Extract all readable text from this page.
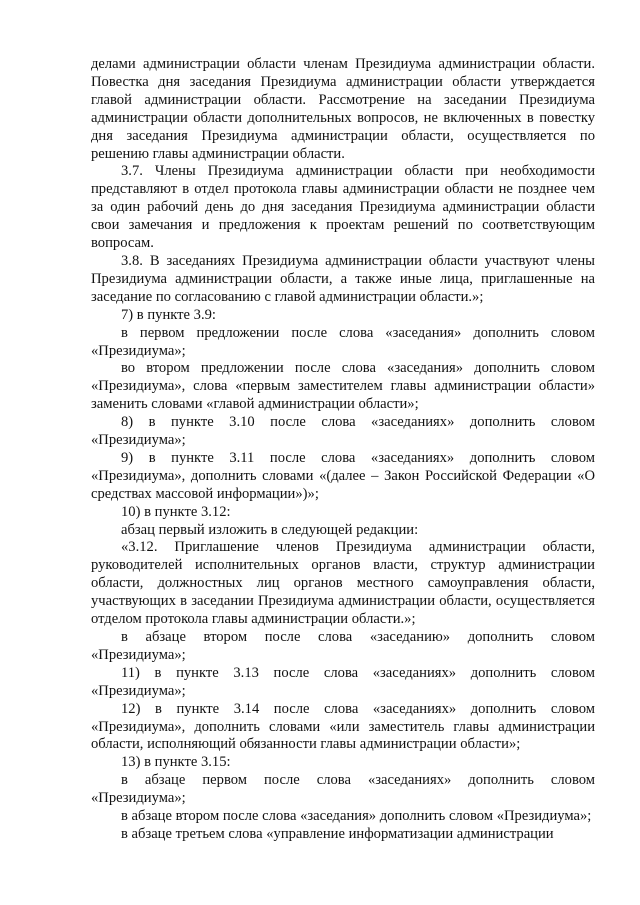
делами администрации области членам Президиума администрации области. Повестка дня заседания Президиума администрации области утверждается главой администрации области. Рассмотрение на заседании Президиума администрации области дополнительных вопросов, не включенных в повестку дня заседания Президиума администрации области, осуществляется по решению главы администрации области.

3.7. Члены Президиума администрации области при необходимости представляют в отдел протокола главы администрации области не позднее чем за один рабочий день до дня заседания Президиума администрации области свои замечания и предложения к проектам решений по соответствующим вопросам.

3.8. В заседаниях Президиума администрации области участвуют члены Президиума администрации области, а также иные лица, приглашенные на заседание по согласованию с главой администрации области.»;

7) в пункте 3.9:

в первом предложении после слова «заседания» дополнить словом «Президиума»;

во втором предложении после слова «заседания» дополнить словом «Президиума», слова «первым заместителем главы администрации области» заменить словами «главой администрации области»;

8) в пункте 3.10 после слова «заседаниях» дополнить словом «Президиума»;

9) в пункте 3.11 после слова «заседаниях» дополнить словом «Президиума», дополнить словами «(далее – Закон Российской Федерации «О средствах массовой информации»)»;

10) в пункте 3.12:

абзац первый изложить в следующей редакции:

«3.12. Приглашение членов Президиума администрации области, руководителей исполнительных органов власти, структур администрации области, должностных лиц органов местного самоуправления области, участвующих в заседании Президиума администрации области, осуществляется отделом протокола главы администрации области.»;

в абзаце втором после слова «заседанию» дополнить словом «Президиума»;

11) в пункте 3.13 после слова «заседаниях» дополнить словом «Президиума»;

12) в пункте 3.14 после слова «заседаниях» дополнить словом «Президиума», дополнить словами «или заместитель главы администрации области, исполняющий обязанности главы администрации области»;

13) в пункте 3.15:

в абзаце первом после слова «заседаниях» дополнить словом «Президиума»;

в абзаце втором после слова «заседания» дополнить словом «Президиума»;

в абзаце третьем слова «управление информатизации администрации
